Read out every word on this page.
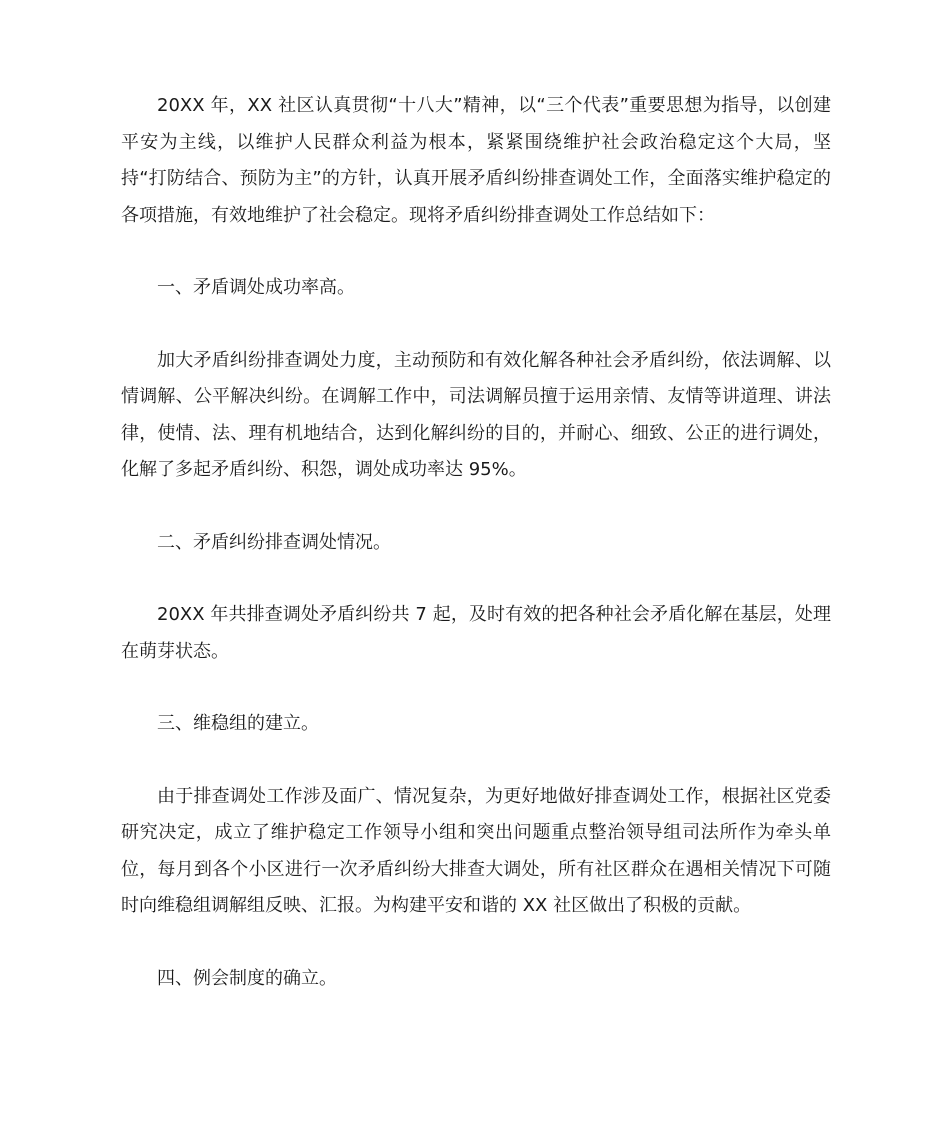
20XX 年，XX 社区认真贯彻“十八大”精神，以“三个代表”重要思想为指导，以创建平安为主线，以维护人民群众利益为根本，紧紧围绕维护社会政治稳定这个大局，坚持“打防结合、预防为主”的方针，认真开展矛盾纠纷排查调处工作，全面落实维护稳定的各项措施，有效地维护了社会稳定。现将矛盾纠纷排查调处工作总结如下：

一、矛盾调处成功率高。

加大矛盾纠纷排查调处力度，主动预防和有效化解各种社会矛盾纠纷，依法调解、以情调解、公平解决纠纷。在调解工作中，司法调解员擅于运用亲情、友情等讲道理、讲法律，使情、法、理有机地结合，达到化解纠纷的目的，并耐心、细致、公正的进行调处，化解了多起矛盾纠纷、积怨，调处成功率达 95%。

二、矛盾纠纷排查调处情况。

20XX 年共排查调处矛盾纠纷共 7 起，及时有效的把各种社会矛盾化解在基层，处理在萌芽状态。

三、维稳组的建立。

由于排查调处工作涉及面广、情况复杂，为更好地做好排查调处工作，根据社区党委研究决定，成立了维护稳定工作领导小组和突出问题重点整治领导组司法所作为牵头单位，每月到各个小区进行一次矛盾纠纷大排查大调处，所有社区群众在遇相关情况下可随时向维稳组调解组反映、汇报。为构建平安和谐的 XX 社区做出了积极的贡献。

四、例会制度的确立。
